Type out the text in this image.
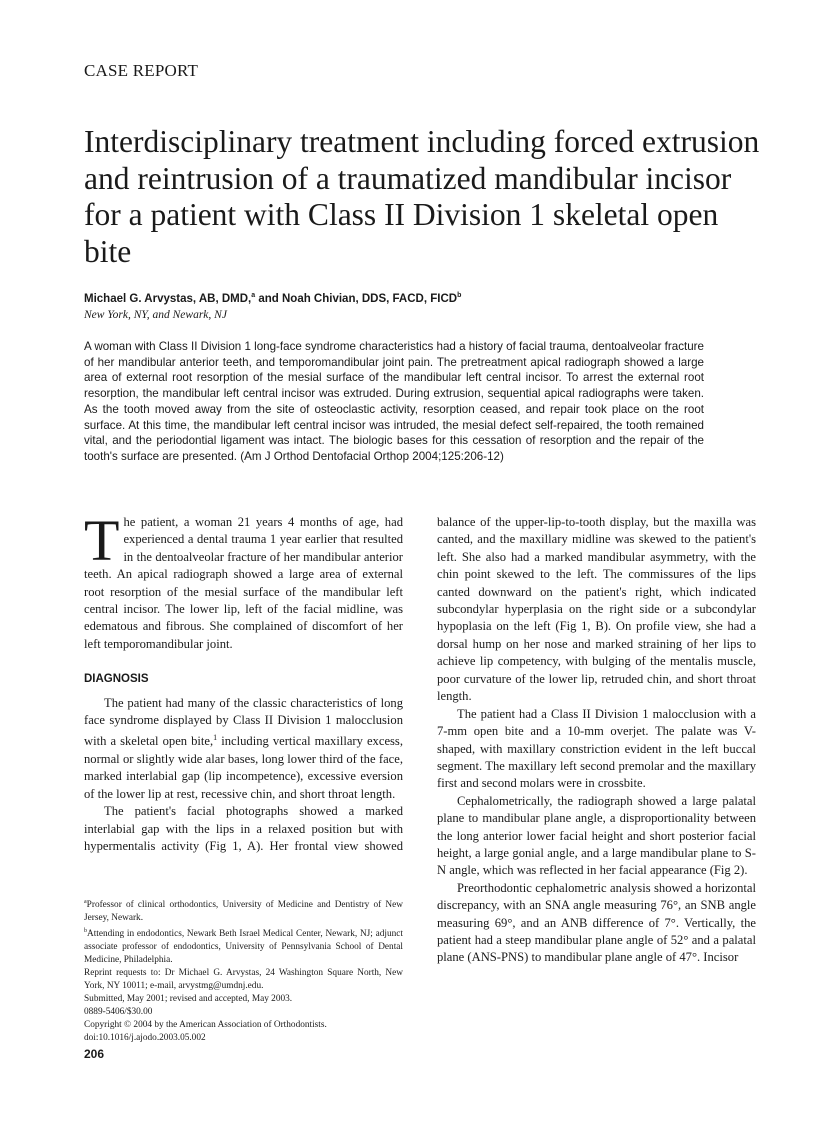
CASE REPORT
Interdisciplinary treatment including forced extrusion and reintrusion of a traumatized mandibular incisor for a patient with Class II Division 1 skeletal open bite
Michael G. Arvystas, AB, DMD,$^a$ and Noah Chivian, DDS, FACD, FICD$^b$
New York, NY, and Newark, NJ

A woman with Class II Division 1 long-face syndrome characteristics had a history of facial trauma, dentoalveolar fracture of her mandibular anterior teeth, and temporomandibular joint pain. The pretreatment apical radiograph showed a large area of external root resorption of the mesial surface of the mandibular left central incisor. To arrest the external root resorption, the mandibular left central incisor was extruded. During extrusion, sequential apical radiographs were taken. As the tooth moved away from the site of osteoclastic activity, resorption ceased, and repair took place on the root surface. At this time, the mandibular left central incisor was intruded, the mesial defect self-repaired, the tooth remained vital, and the periodontial ligament was intact. The biologic bases for this cessation of resorption and the repair of the tooth's surface are presented. (Am J Orthod Dentofacial Orthop 2004;125:206-12)

The patient, a woman 21 years 4 months of age, had experienced a dental trauma 1 year earlier that resulted in the dentoalveolar fracture of her mandibular anterior teeth. An apical radiograph showed a large area of external root resorption of the mesial surface of the mandibular left central incisor. The lower lip, left of the facial midline, was edematous and fibrous. She complained of discomfort of her left temporomandibular joint.

DIAGNOSIS

The patient had many of the classic characteristics of long face syndrome displayed by Class II Division 1 malocclusion with a skeletal open bite,$^1$ including vertical maxillary excess, normal or slightly wide alar bases, long lower third of the face, marked interlabial gap (lip incompetence), excessive eversion of the lower lip at rest, recessive chin, and short throat length.

The patient's facial photographs showed a marked interlabial gap with the lips in a relaxed position but with hypermentalis activity (Fig 1, A). Her frontal view showed

balance of the upper-lip-to-tooth display, but the maxilla was canted, and the maxillary midline was skewed to the patient's left. She also had a marked mandibular asymmetry, with the chin point skewed to the left. The commissures of the lips canted downward on the patient's right, which indicated subcondylar hyperplasia on the right side or a subcondylar hypoplasia on the left (Fig 1, B). On profile view, she had a dorsal hump on her nose and marked straining of her lips to achieve lip competency, with bulging of the mentalis muscle, poor curvature of the lower lip, retruded chin, and short throat length.

The patient had a Class II Division 1 malocclusion with a 7-mm open bite and a 10-mm overjet. The palate was V-shaped, with maxillary constriction evident in the left buccal segment. The maxillary left second premolar and the maxillary first and second molars were in crossbite.

Cephalometrically, the radiograph showed a large palatal plane to mandibular plane angle, a disproportionality between the long anterior lower facial height and short posterior facial height, a large gonial angle, and a large mandibular plane to S-N angle, which was reflected in her facial appearance (Fig 2).

Preorthodontic cephalometric analysis showed a horizontal discrepancy, with an SNA angle measuring 76°, an SNB angle measuring 69°, and an ANB difference of 7°. Vertically, the patient had a steep mandibular plane angle of 52° and a palatal plane (ANS-PNS) to mandibular plane angle of 47°. Incisor

$^a$Professor of clinical orthodontics, University of Medicine and Dentistry of New Jersey, Newark.
$^b$Attending in endodontics, Newark Beth Israel Medical Center, Newark, NJ; adjunct associate professor of endodontics, University of Pennsylvania School of Dental Medicine, Philadelphia.
Reprint requests to: Dr Michael G. Arvystas, 24 Washington Square North, New York, NY 10011; e-mail, arvystmg@umdnj.edu.
Submitted, May 2001; revised and accepted, May 2003.
0889-5406/$30.00
Copyright © 2004 by the American Association of Orthodontists.
doi:10.1016/j.ajodo.2003.05.002
206
